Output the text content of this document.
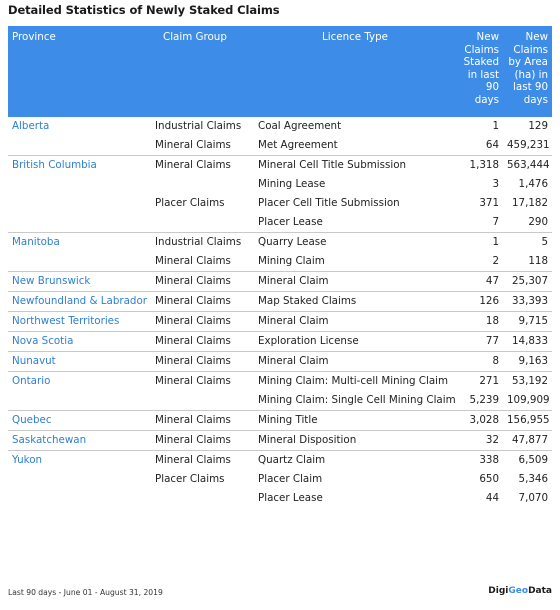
Detailed Statistics of Newly Staked Claims
Province	Claim Group	Licence Type	New Claims Staked in last 90 days	New Claims by Area (ha) in last 90 days
Alberta	Industrial Claims	Coal Agreement	1	129
	Mineral Claims	Met Agreement	64	459,231
British Columbia	Mineral Claims	Mineral Cell Title Submission	1,318	563,444
		Mining Lease	3	1,476
	Placer Claims	Placer Cell Title Submission	371	17,182
		Placer Lease	7	290
Manitoba	Industrial Claims	Quarry Lease	1	5
	Mineral Claims	Mining Claim	2	118
New Brunswick	Mineral Claims	Mineral Claim	47	25,307
Newfoundland & Labrador	Mineral Claims	Map Staked Claims	126	33,393
Northwest Territories	Mineral Claims	Mineral Claim	18	9,715
Nova Scotia	Mineral Claims	Exploration License	77	14,833
Nunavut	Mineral Claims	Mineral Claim	8	9,163
Ontario	Mineral Claims	Mining Claim: Multi-cell Mining Claim	271	53,192
		Mining Claim: Single Cell Mining Claim	5,239	109,909
Quebec	Mineral Claims	Mining Title	3,028	156,955
Saskatchewan	Mineral Claims	Mineral Disposition	32	47,877
Yukon	Mineral Claims	Quartz Claim	338	6,509
	Placer Claims	Placer Claim	650	5,346
		Placer Lease	44	7,070
Last 90 days - June 01 - August 31, 2019	DigiGeoData
